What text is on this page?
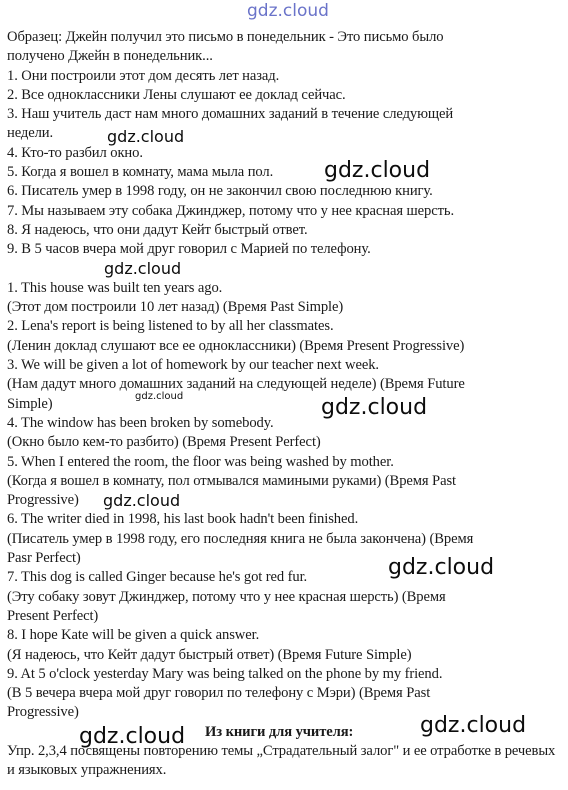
gdz.cloud
Образец: Джейн получил это письмо в понедельник - Это письмо было
получено Джейн в понедельник...
1. Они построили этот дом десять лет назад.
2. Все одноклассники Лены слушают ее доклад сейчас.
3. Наш учитель даст нам много домашних заданий в течение следующей
недели.
4. Кто-то разбил окно.
5. Когда я вошел в комнату, мама мыла пол.
6. Писатель умер в 1998 году, он не закончил свою последнюю книгу.
7. Мы называем эту собака Джинджер, потому что у нее красная шерсть.
8. Я надеюсь, что они дадут Кейт быстрый ответ.
9. В 5 часов вчера мой друг говорил с Марией по телефону.

1. This house was built ten years ago.
(Этот дом построили 10 лет назад) (Время Past Simple)
2. Lena's report is being listened to by all her classmates.
(Ленин доклад слушают все ее одноклассники) (Время Present Progressive)
3. We will be given a lot of homework by our teacher next week.
(Нам дадут много домашних заданий на следующей неделе) (Время Future
Simple)
4. The window has been broken by somebody.
(Окно было кем-то разбито) (Время Present Perfect)
5. When I entered the room, the floor was being washed by mother.
(Когда я вошел в комнату, пол отмывался мамиными руками) (Время Past
Progressive)
6. The writer died in 1998, his last book hadn't been finished.
(Писатель умер в 1998 году, его последняя книга не была закончена) (Время
Pasr Perfect)
7. This dog is called Ginger because he's got red fur.
(Эту собаку зовут Джинджер, потому что у нее красная шерсть) (Время
Present Perfect)
8. I hope Kate will be given a quick answer.
(Я надеюсь, что Кейт дадут быстрый ответ) (Время Future Simple)
9. At 5 o'clock yesterday Mary was being talked on the phone by my friend.
(В 5 вечера вчера мой друг говорил по телефону с Мэри) (Время Past
Progressive)
Из книги для учителя:
Упр. 2,3,4 посвящены повторению темы „Страдательный залог" и ее отработке в речевых и языковых упражнениях.
gdz.cloud
gdz.cloud
gdz.cloud
gdz.cloud	gdz.cloud
gdz.cloud
gdz.cloud
gdz.cloud	gdz.cloud
